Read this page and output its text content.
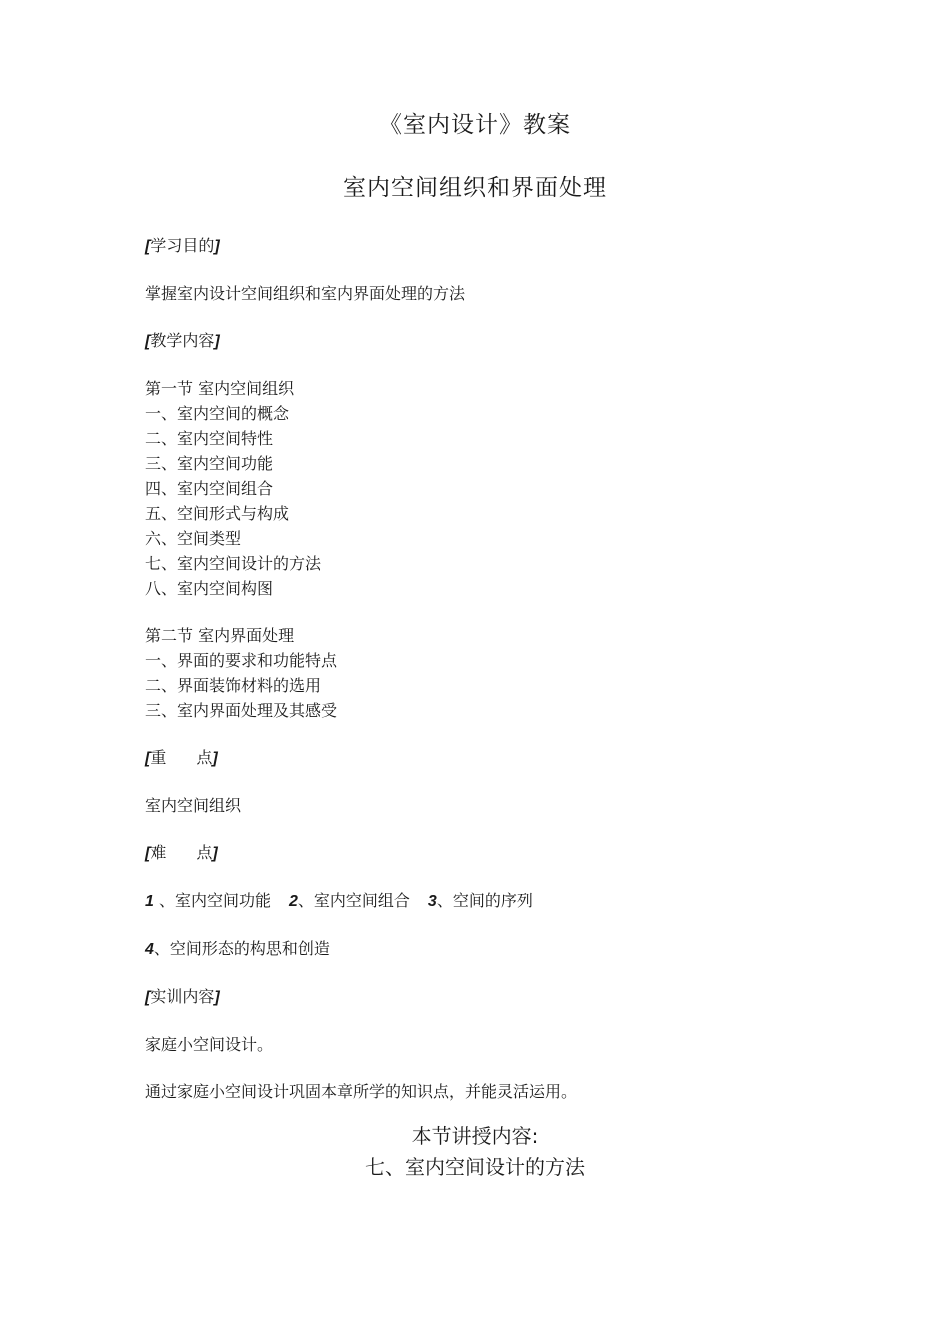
《室内设计》教案
室内空间组织和界面处理

[学习目的]

掌握室内设计空间组织和室内界面处理的方法

[教学内容]

第一节 室内空间组织

一、室内空间的概念

二、室内空间特性

三、室内空间功能

四、室内空间组合

五、空间形式与构成

六、空间类型

七、室内空间设计的方法

八、室内空间构图

第二节 室内界面处理

一、界面的要求和功能特点

二、界面装饰材料的选用

三、室内界面处理及其感受

[重 点]

室内空间组织

[难 点]

1 、室内空间功能 2、室内空间组合 3、空间的序列

4、空间形态的构思和创造

[实训内容]

家庭小空间设计。

通过家庭小空间设计巩固本章所学的知识点，并能灵活运用。

本节讲授内容:

七、室内空间设计的方法
